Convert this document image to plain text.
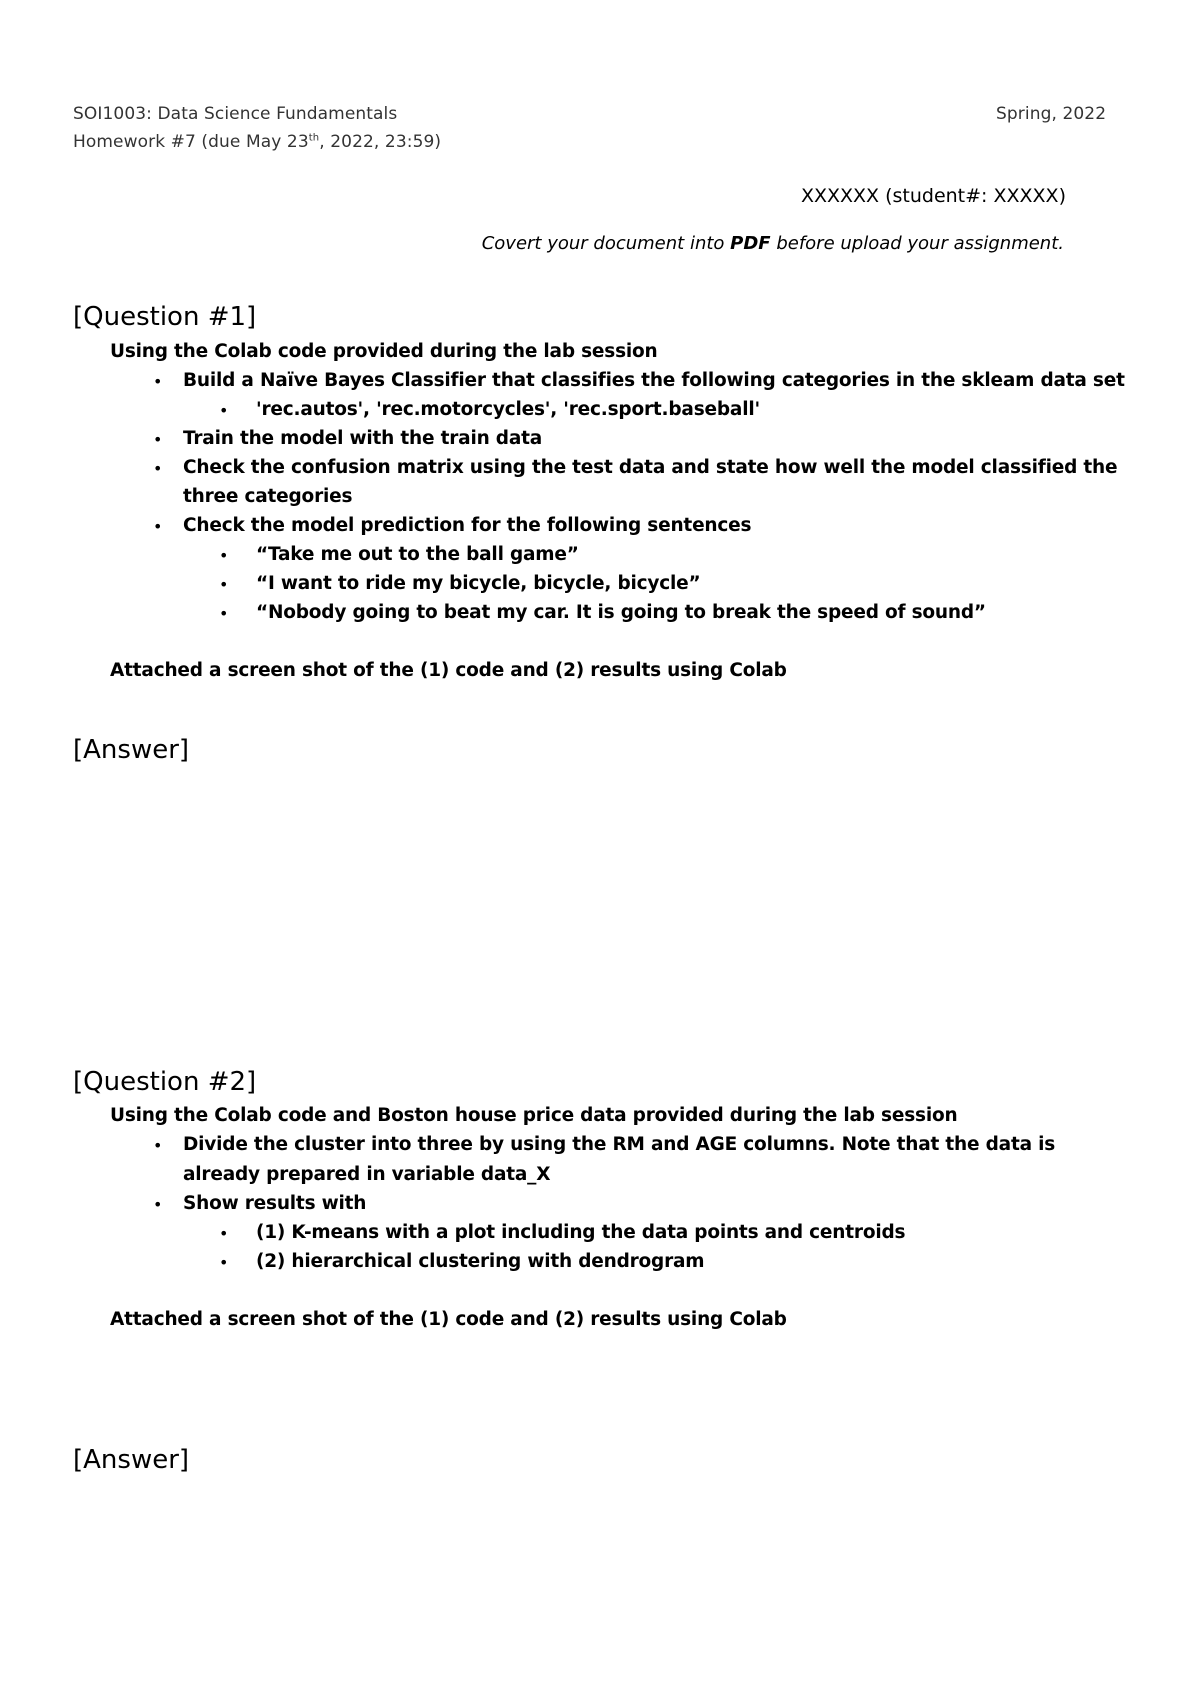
SOI1003: Data Science Fundamentals	Spring, 2022
Homework #7 (due May 23th, 2022, 23:59)
XXXXXX (student#: XXXXX)
Covert your document into PDF before upload your assignment.
[Question #1]
Using the Colab code provided during the lab session
• Build a Naïve Bayes Classifier that classifies the following categories in the skleam data set
• 'rec.autos', 'rec.motorcycles', 'rec.sport.baseball'
• Train the model with the train data
• Check the confusion matrix using the test data and state how well the model classified the
three categories
• Check the model prediction for the following sentences
• “Take me out to the ball game”
• “I want to ride my bicycle, bicycle, bicycle”
• “Nobody going to beat my car. It is going to break the speed of sound”
Attached a screen shot of the (1) code and (2) results using Colab
[Answer]
[Question #2]
Using the Colab code and Boston house price data provided during the lab session
• Divide the cluster into three by using the RM and AGE columns. Note that the data is
already prepared in variable data_X
• Show results with
• (1) K-means with a plot including the data points and centroids
• (2) hierarchical clustering with dendrogram
Attached a screen shot of the (1) code and (2) results using Colab
[Answer]
